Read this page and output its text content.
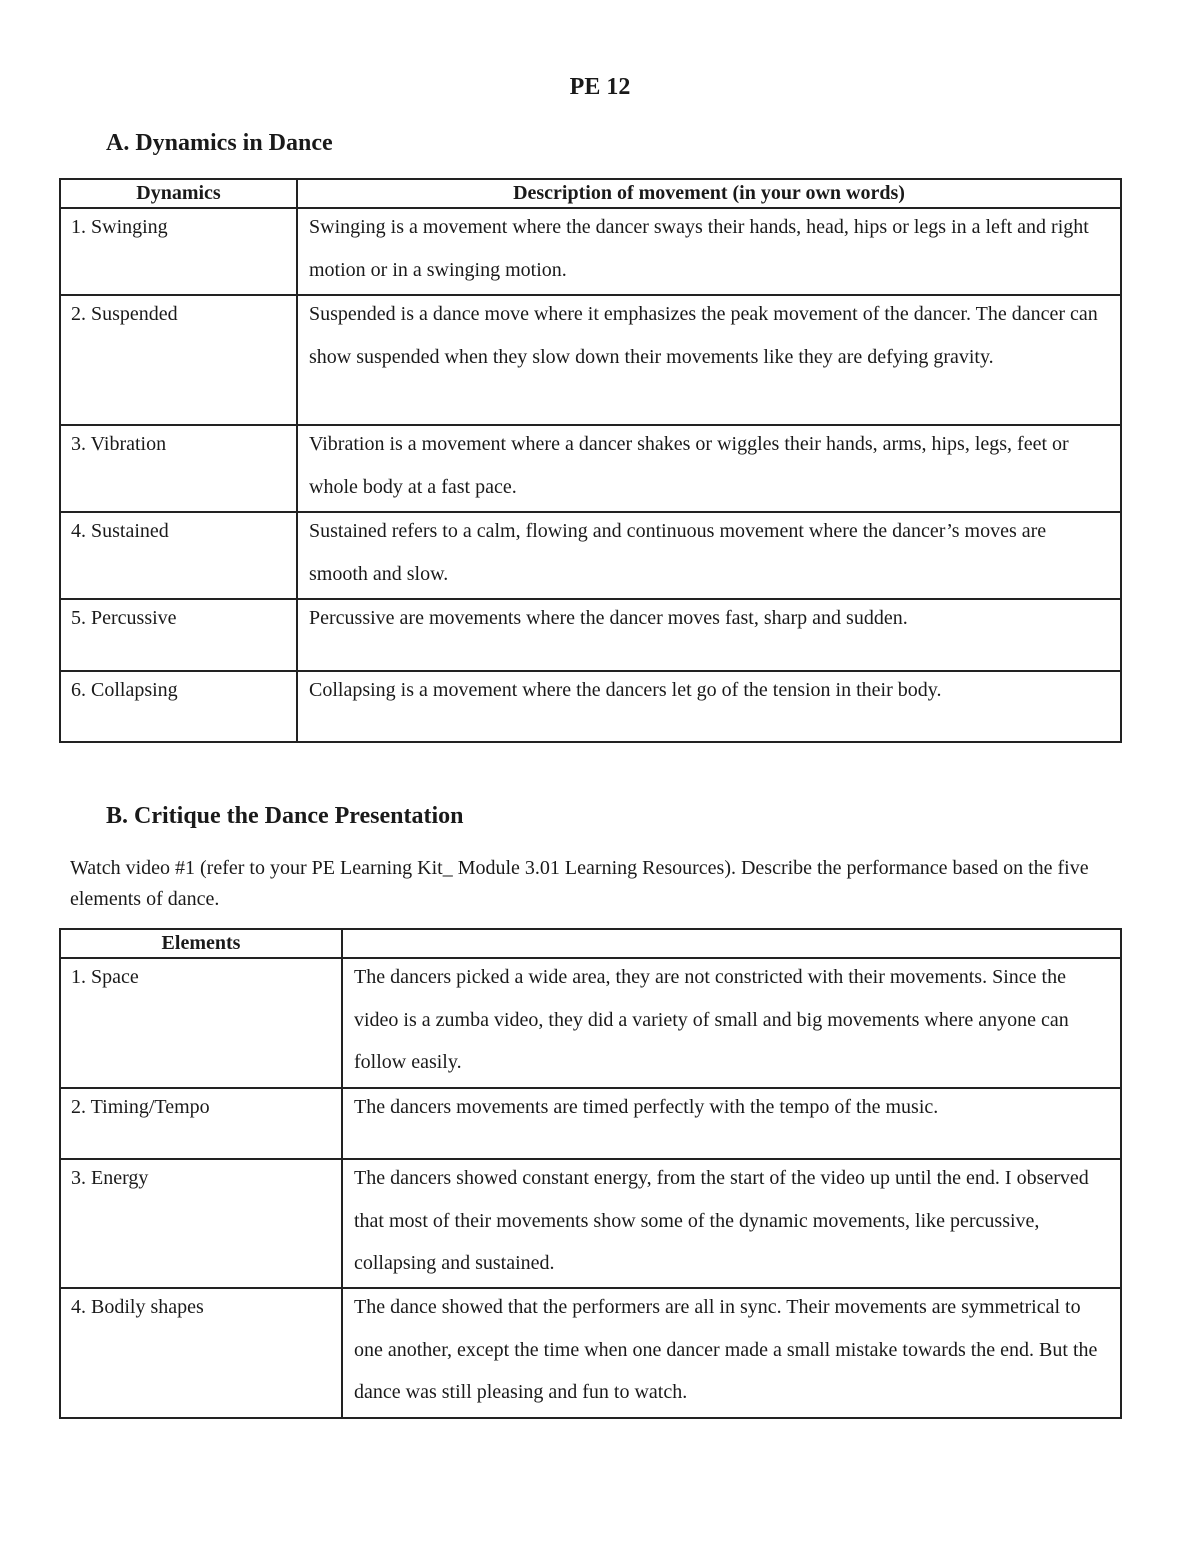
PE 12
A. Dynamics in Dance
Dynamics	Description of movement (in your own words)
1. Swinging	Swinging is a movement where the dancer sways their hands, head, hips or legs in a left and right motion or in a swinging motion.

2. Suspended	Suspended is a dance move where it emphasizes the peak movement of the dancer. The dancer can show suspended when they slow down their movements like they are defying gravity.

3. Vibration	Vibration is a movement where a dancer shakes or wiggles their hands, arms, hips, legs, feet or whole body at a fast pace.

4. Sustained	Sustained refers to a calm, flowing and continuous movement where the dancer’s moves are smooth and slow.

5. Percussive	Percussive are movements where the dancer moves fast, sharp and sudden.

6. Collapsing	Collapsing is a movement where the dancers let go of the tension in their body.
B. Critique the Dance Presentation
Watch video #1 (refer to your PE Learning Kit_ Module 3.01 Learning Resources). Describe the performance based on the five elements of dance.
Elements	
1. Space	The dancers picked a wide area, they are not constricted with their movements. Since the video is a zumba video, they did a variety of small and big movements where anyone can follow easily.

2. Timing/Tempo	The dancers movements are timed perfectly with the tempo of the music.

3. Energy	The dancers showed constant energy, from the start of the video up until the end. I observed that most of their movements show some of the dynamic movements, like percussive, collapsing and sustained.

4. Bodily shapes	The dance showed that the performers are all in sync. Their movements are symmetrical to one another, except the time when one dancer made a small mistake towards the end. But the dance was still pleasing and fun to watch.
